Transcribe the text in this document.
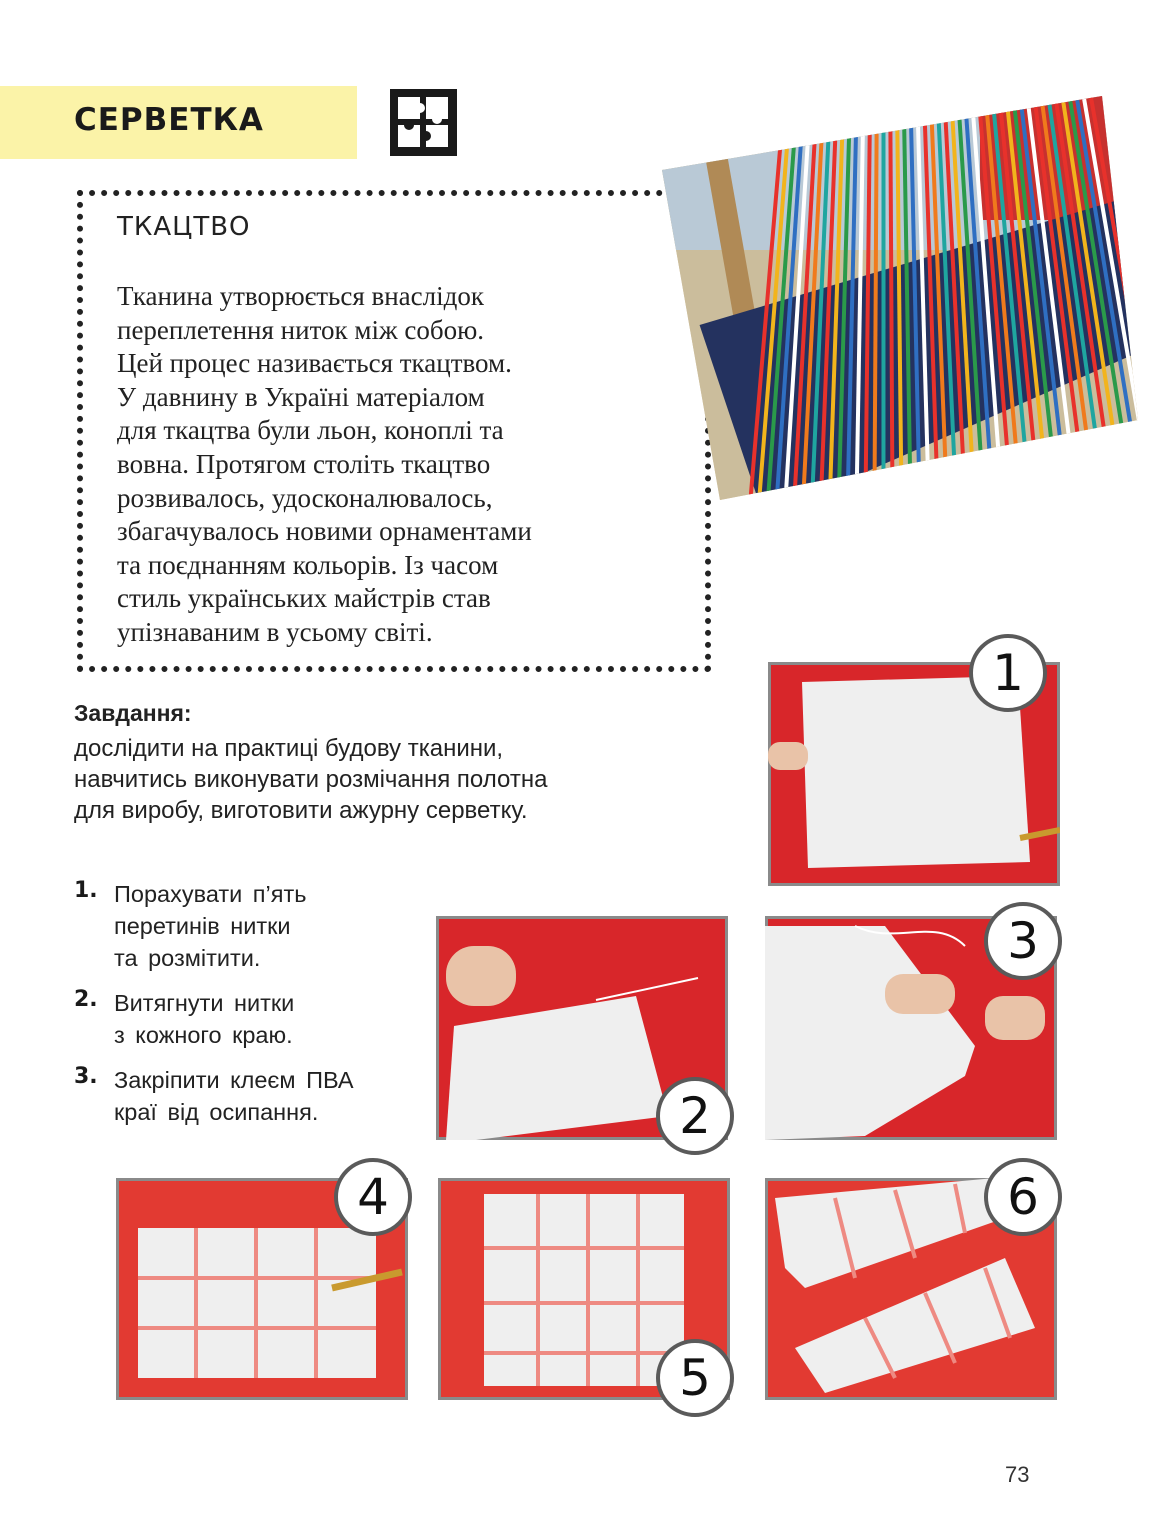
СЕРВЕТКА
ТКАЦТВО

Тканина утворюється внаслідок
переплетення ниток між собою.
Цей процес називається ткацтвом.
У давнину в Україні матеріалом
для ткацтва були льон, коноплі та
вовна. Протягом століть ткацтво
розвивалось, удосконалювалось,
збагачувалось новими орнаментами
та поєднанням кольорів. Із часом
стиль українських майстрів став
упізнаваним в усьому світі.

Завдання:

дослідити на практиці будову тканини,
навчитись виконувати розмічання полотна
для виробу, виготовити ажурну серветку.

1. Порахувати п’ять
перетинів нитки
та розмітити.

2. Витягнути нитки
з кожного краю.

3. Закріпити клеєм ПВА
краї від осипання.

1
2
3
4
5
6
73
